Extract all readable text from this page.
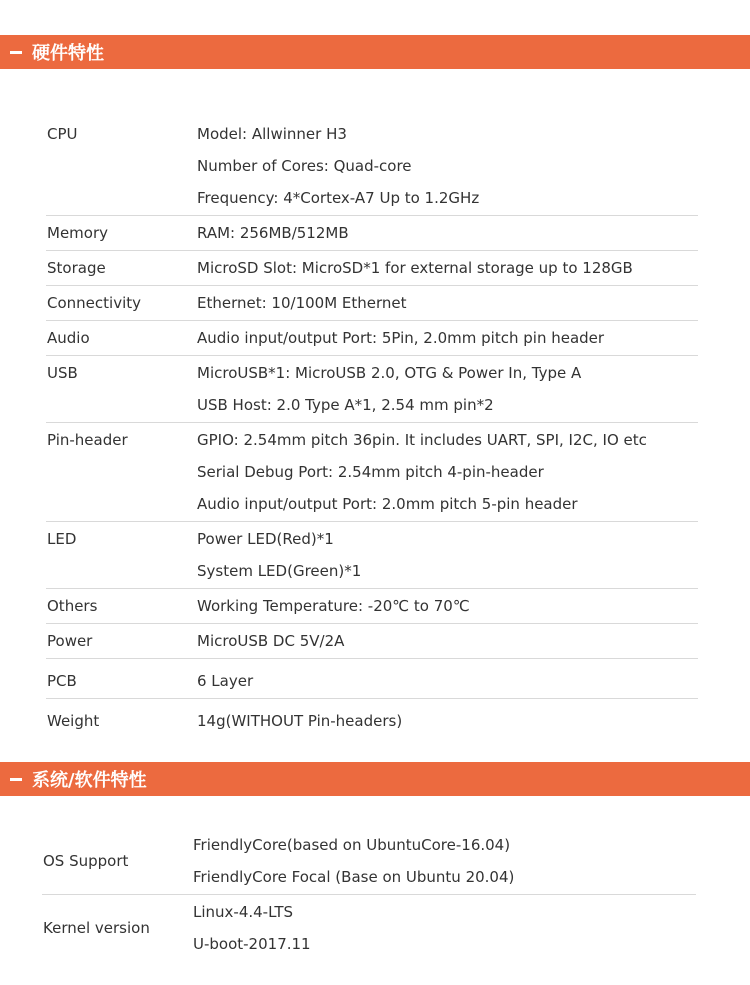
硬件特性
CPU	Model: Allwinner H3
Number of Cores: Quad-core
Frequency: 4*Cortex-A7 Up to 1.2GHz

Memory	RAM: 256MB/512MB

Storage	MicroSD Slot: MicroSD*1 for external storage up to 128GB

Connectivity	Ethernet: 10/100M Ethernet

Audio	Audio input/output Port: 5Pin, 2.0mm pitch pin header

USB	MicroUSB*1: MicroUSB 2.0, OTG & Power In, Type A
USB Host: 2.0 Type A*1, 2.54 mm pin*2

Pin-header	GPIO: 2.54mm pitch 36pin. It includes UART, SPI, I2C, IO etc
Serial Debug Port: 2.54mm pitch 4-pin-header
Audio input/output Port: 2.0mm pitch 5-pin header

LED	Power LED(Red)*1
System LED(Green)*1

Others	Working Temperature: -20℃ to 70℃

Power	MicroUSB DC 5V/2A

PCB	6 Layer

Weight	14g(WITHOUT Pin-headers)
系统/软件特性
OS Support	FriendlyCore(based on UbuntuCore-16.04)
FriendlyCore Focal (Base on Ubuntu 20.04)

Kernel version	Linux-4.4-LTS
U-boot-2017.11
